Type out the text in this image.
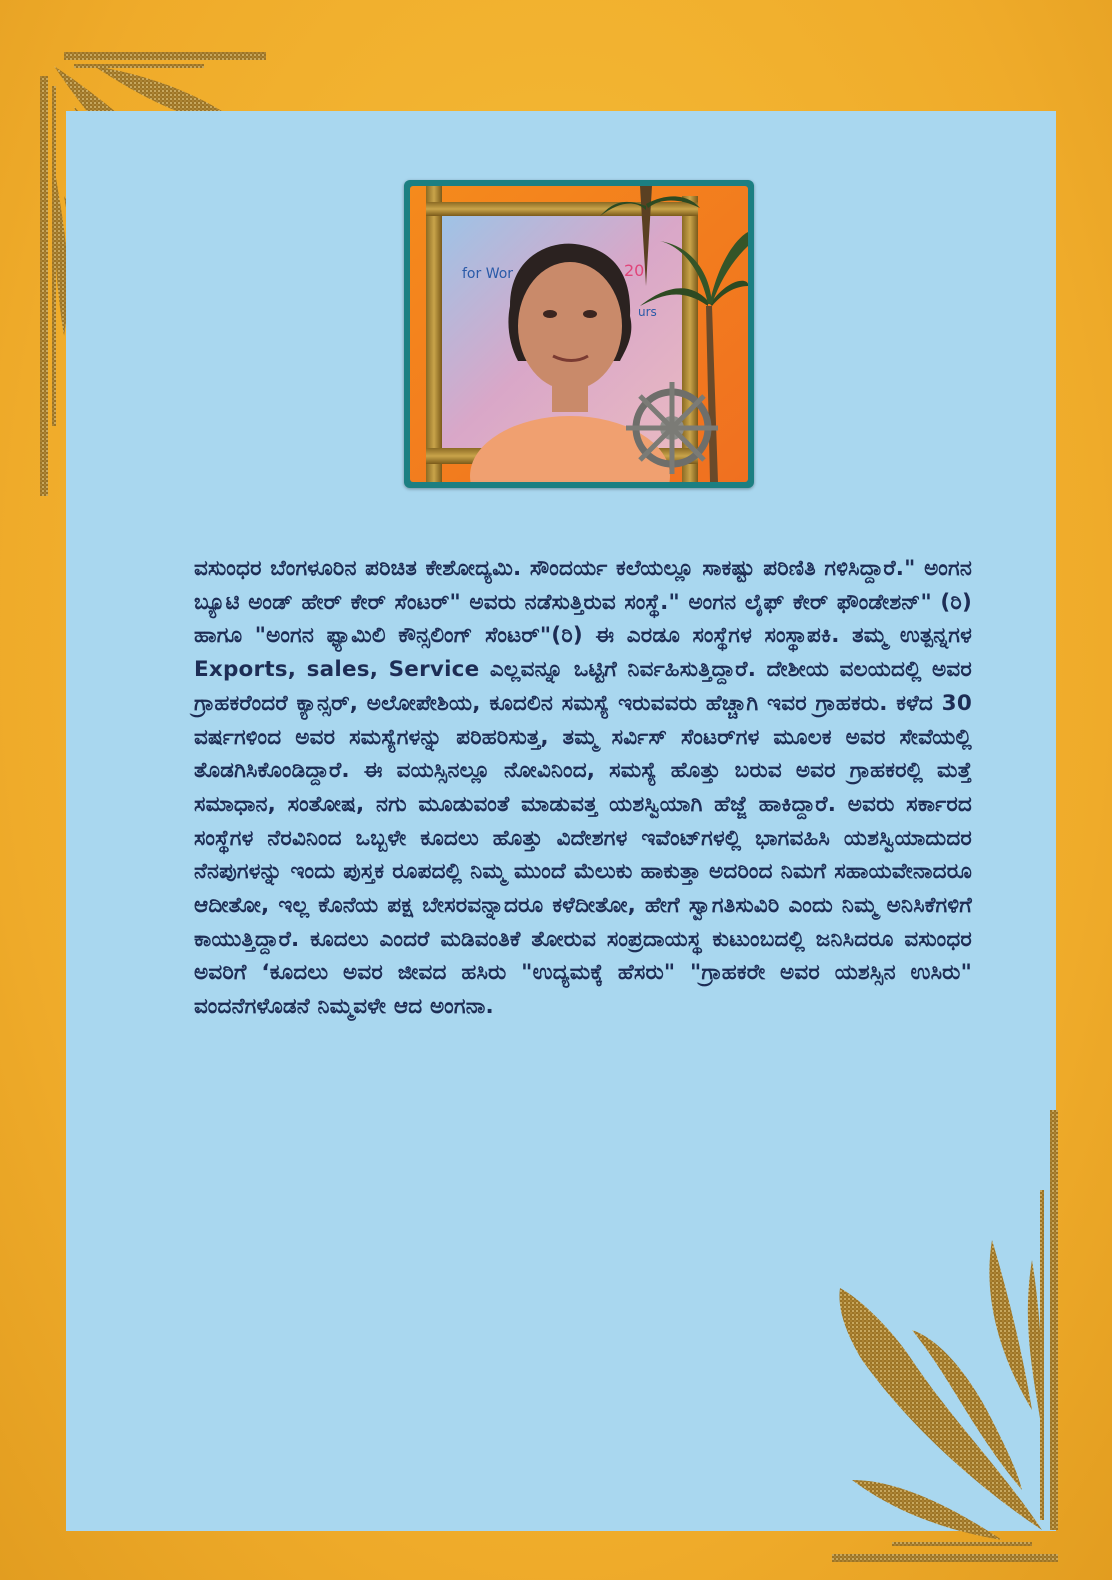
for Wor	20
urs

ವಸುಂಧರ ಬೆಂಗಳೂರಿನ ಪರಿಚಿತ ಕೇಶೋದ್ಯಮಿ. ಸೌಂದರ್ಯ ಕಲೆಯಲ್ಲೂ ಸಾಕಷ್ಟು ಪರಿಣಿತಿ ಗಳಿಸಿದ್ದಾರೆ." ಅಂಗನ ಬ್ಯೂಟಿ ಅಂಡ್ ಹೇರ್ ಕೇರ್ ಸೆಂಟರ್" ಅವರು ನಡೆಸುತ್ತಿರುವ ಸಂಸ್ಥೆ." ಅಂಗನ ಲೈಫ್ ಕೇರ್ ಫೌಂಡೇಶನ್" (ರಿ) ಹಾಗೂ "ಅಂಗನ ಫ್ಯಾಮಿಲಿ ಕೌನ್ಸಲಿಂಗ್ ಸೆಂಟರ್"(ರಿ) ಈ ಎರಡೂ ಸಂಸ್ಥೆಗಳ ಸಂಸ್ಥಾಪಕಿ. ತಮ್ಮ ಉತ್ಪನ್ನಗಳ Exports, sales, Service ಎಲ್ಲವನ್ನೂ ಒಟ್ಟಿಗೆ ನಿರ್ವಹಿಸುತ್ತಿದ್ದಾರೆ. ದೇಶೀಯ ವಲಯದಲ್ಲಿ ಅವರ ಗ್ರಾಹಕರೆಂದರೆ ಕ್ಯಾನ್ಸರ್, ಅಲೋಪೇಶಿಯ, ಕೂದಲಿನ ಸಮಸ್ಯೆ ಇರುವವರು ಹೆಚ್ಚಾಗಿ ಇವರ ಗ್ರಾಹಕರು. ಕಳೆದ 30 ವರ್ಷಗಳಿಂದ ಅವರ ಸಮಸ್ಯೆಗಳನ್ನು ಪರಿಹರಿಸುತ್ತ, ತಮ್ಮ ಸರ್ವಿಸ್ ಸೆಂಟರ್‌ಗಳ ಮೂಲಕ ಅವರ ಸೇವೆಯಲ್ಲಿ ತೊಡಗಿಸಿಕೊಂಡಿದ್ದಾರೆ. ಈ ವಯಸ್ಸಿನಲ್ಲೂ ನೋವಿನಿಂದ, ಸಮಸ್ಯೆ ಹೊತ್ತು ಬರುವ ಅವರ ಗ್ರಾಹಕರಲ್ಲಿ ಮತ್ತೆ ಸಮಾಧಾನ, ಸಂತೋಷ, ನಗು ಮೂಡುವಂತೆ ಮಾಡುವತ್ತ ಯಶಸ್ವಿಯಾಗಿ ಹೆಜ್ಜೆ ಹಾಕಿದ್ದಾರೆ. ಅವರು ಸರ್ಕಾರದ ಸಂಸ್ಥೆಗಳ ನೆರವಿನಿಂದ ಒಬ್ಬಳೇ ಕೂದಲು ಹೊತ್ತು ವಿದೇಶಗಳ ಇವೆಂಟ್‌ಗಳಲ್ಲಿ ಭಾಗವಹಿಸಿ ಯಶಸ್ವಿಯಾದುದರ ನೆನಪುಗಳನ್ನು ಇಂದು ಪುಸ್ತಕ ರೂಪದಲ್ಲಿ ನಿಮ್ಮ ಮುಂದೆ ಮೆಲುಕು ಹಾಕುತ್ತಾ ಅದರಿಂದ ನಿಮಗೆ ಸಹಾಯವೇನಾದರೂ ಆದೀತೋ, ಇಲ್ಲ ಕೊನೆಯ ಪಕ್ಷ ಬೇಸರವನ್ನಾದರೂ ಕಳೆದೀತೋ, ಹೇಗೆ ಸ್ವಾಗತಿಸುವಿರಿ ಎಂದು ನಿಮ್ಮ ಅನಿಸಿಕೆಗಳಿಗೆ ಕಾಯುತ್ತಿದ್ದಾರೆ. ಕೂದಲು ಎಂದರೆ ಮಡಿವಂತಿಕೆ ತೋರುವ ಸಂಪ್ರದಾಯಸ್ಥ ಕುಟುಂಬದಲ್ಲಿ ಜನಿಸಿದರೂ ವಸುಂಧರ ಅವರಿಗೆ ‘ಕೂದಲು ಅವರ ಜೀವದ ಹಸಿರು "ಉದ್ಯಮಕ್ಕೆ ಹೆಸರು" "ಗ್ರಾಹಕರೇ ಅವರ ಯಶಸ್ಸಿನ ಉಸಿರು" ವಂದನೆಗಳೊಡನೆ ನಿಮ್ಮವಳೇ ಆದ ಅಂಗನಾ.
